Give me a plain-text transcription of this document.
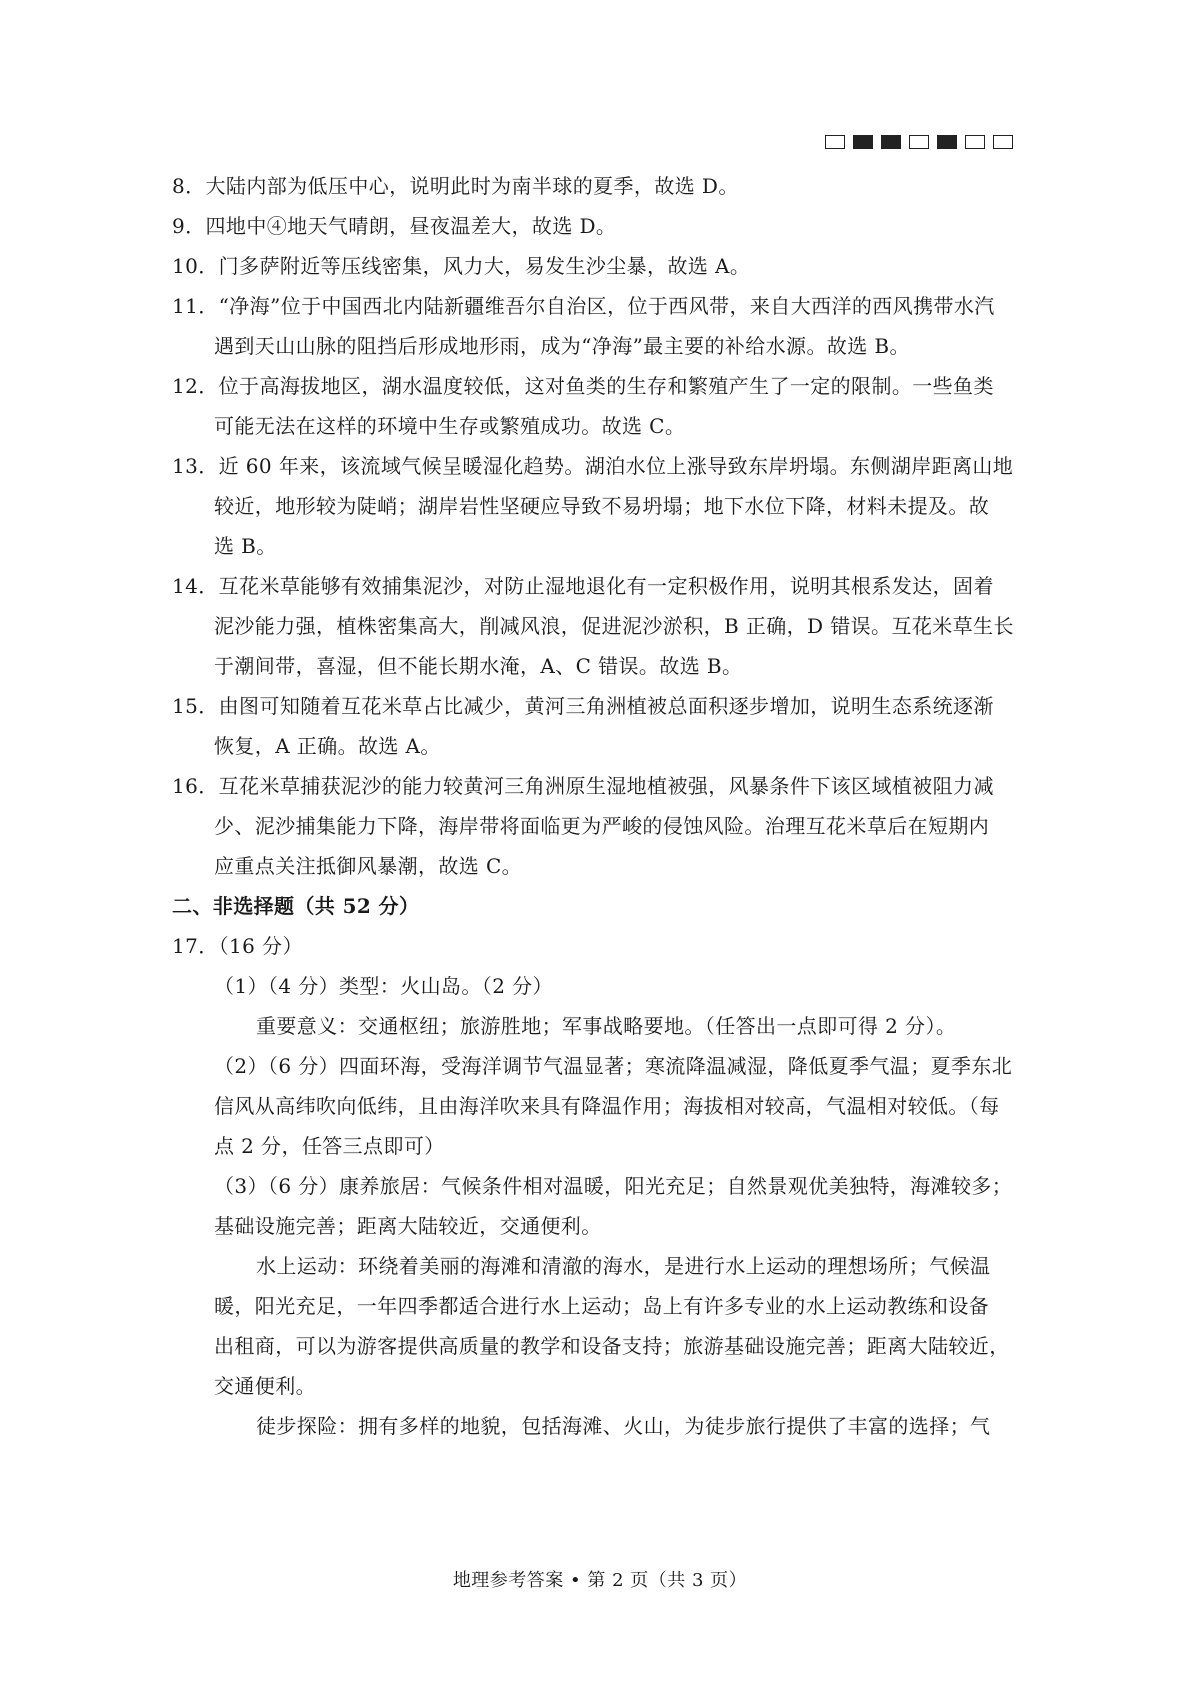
8．大陆内部为低压中心，说明此时为南半球的夏季，故选 D。
9．四地中④地天气晴朗，昼夜温差大，故选 D。
10．门多萨附近等压线密集，风力大，易发生沙尘暴，故选 A。
11．“净海”位于中国西北内陆新疆维吾尔自治区，位于西风带，来自大西洋的西风携带水汽
遇到天山山脉的阻挡后形成地形雨，成为“净海”最主要的补给水源。故选 B。
12．位于高海拔地区，湖水温度较低，这对鱼类的生存和繁殖产生了一定的限制。一些鱼类
可能无法在这样的环境中生存或繁殖成功。故选 C。
13．近 60 年来，该流域气候呈暖湿化趋势。湖泊水位上涨导致东岸坍塌。东侧湖岸距离山地
较近，地形较为陡峭；湖岸岩性坚硬应导致不易坍塌；地下水位下降，材料未提及。故
选 B。
14．互花米草能够有效捕集泥沙，对防止湿地退化有一定积极作用，说明其根系发达，固着
泥沙能力强，植株密集高大，削减风浪，促进泥沙淤积，B 正确，D 错误。互花米草生长
于潮间带，喜湿，但不能长期水淹，A、C 错误。故选 B。
15．由图可知随着互花米草占比减少，黄河三角洲植被总面积逐步增加，说明生态系统逐渐
恢复，A 正确。故选 A。
16．互花米草捕获泥沙的能力较黄河三角洲原生湿地植被强，风暴条件下该区域植被阻力减
少、泥沙捕集能力下降，海岸带将面临更为严峻的侵蚀风险。治理互花米草后在短期内
应重点关注抵御风暴潮，故选 C。
二、非选择题（共 52 分）
17．（16 分）
（1）（4 分）类型：火山岛。（2 分）
重要意义：交通枢纽；旅游胜地；军事战略要地。（任答出一点即可得 2 分）。
（2）（6 分）四面环海，受海洋调节气温显著；寒流降温减湿，降低夏季气温；夏季东北
信风从高纬吹向低纬，且由海洋吹来具有降温作用；海拔相对较高，气温相对较低。（每
点 2 分，任答三点即可）
（3）（6 分）康养旅居：气候条件相对温暖，阳光充足；自然景观优美独特，海滩较多；
基础设施完善；距离大陆较近，交通便利。
水上运动：环绕着美丽的海滩和清澈的海水，是进行水上运动的理想场所；气候温
暖，阳光充足，一年四季都适合进行水上运动；岛上有许多专业的水上运动教练和设备
出租商，可以为游客提供高质量的教学和设备支持；旅游基础设施完善；距离大陆较近，
交通便利。
徒步探险：拥有多样的地貌，包括海滩、火山，为徒步旅行提供了丰富的选择；气
地理参考答案 • 第 2 页（共 3 页）
